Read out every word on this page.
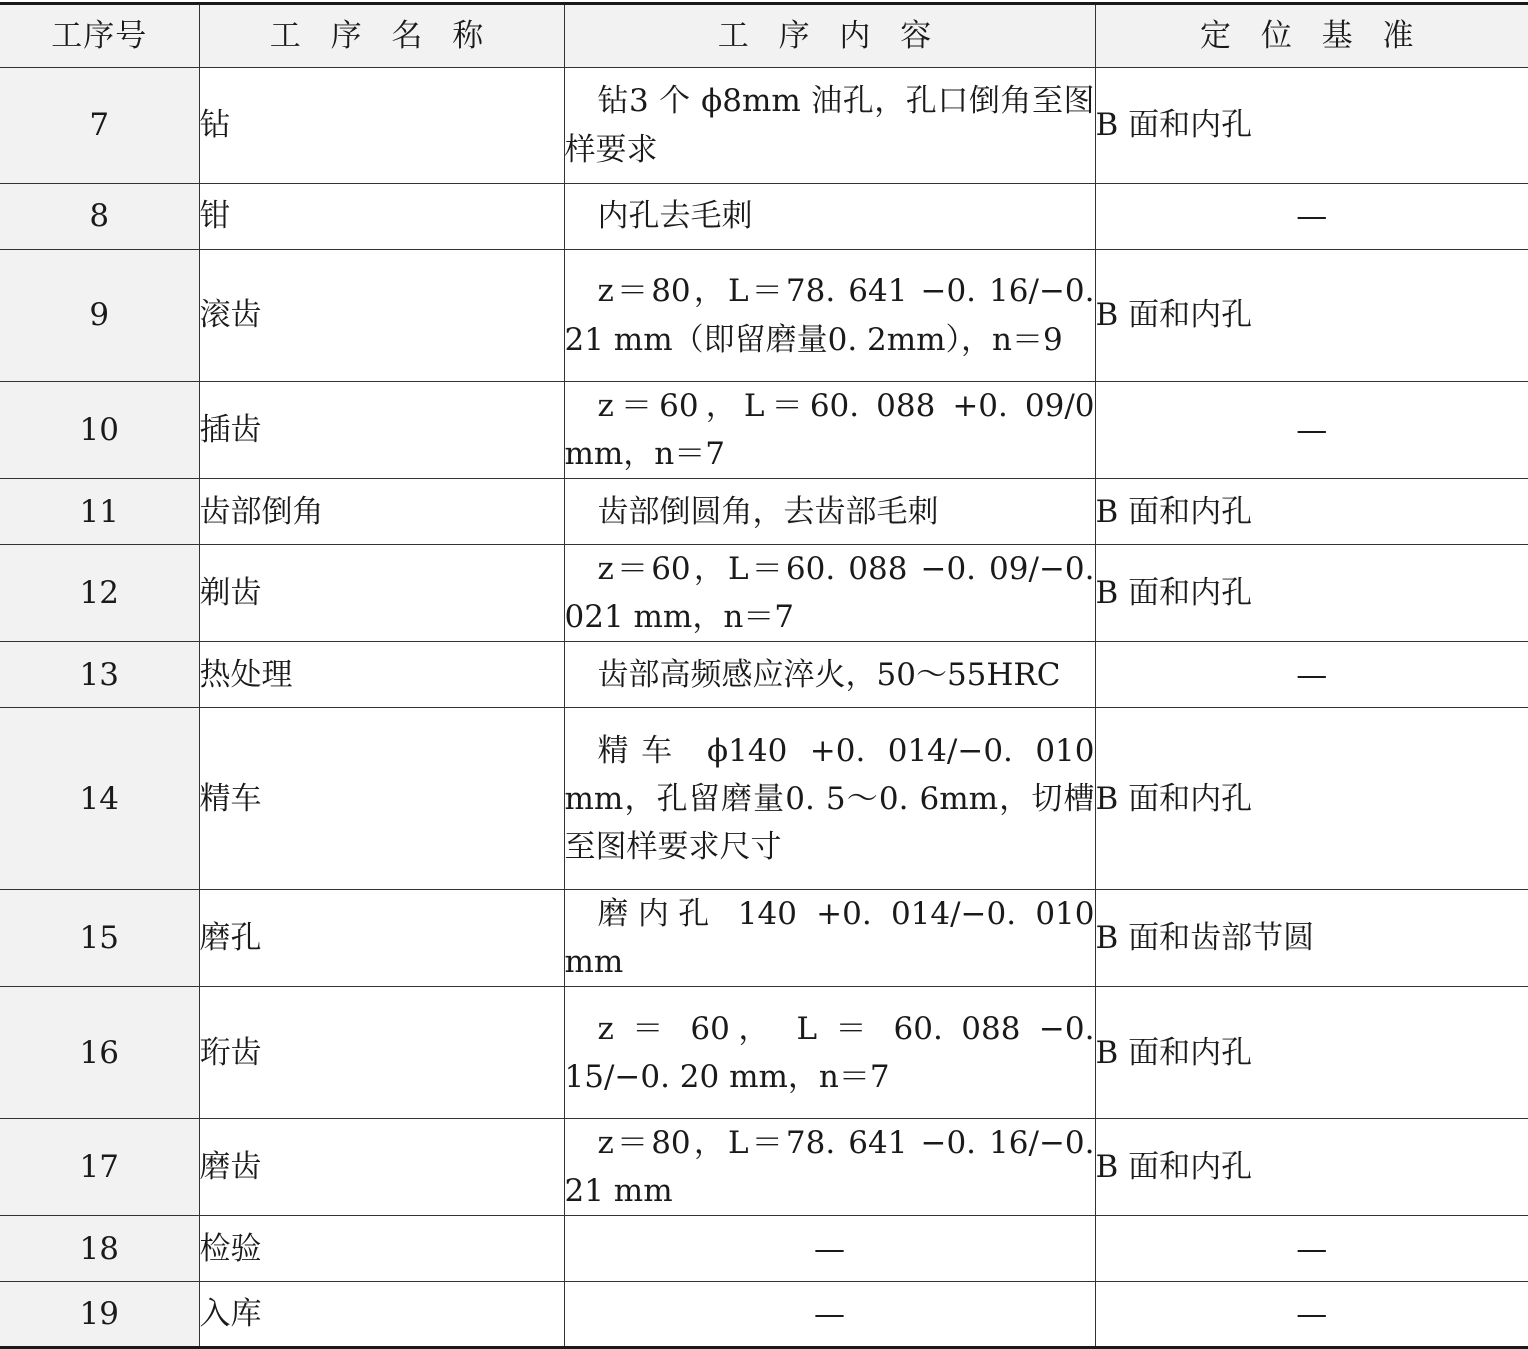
工序号	工 序 名 称	工 序 内 容	定 位 基 准
7	钻	钻3 个 ϕ8mm 油孔，孔口倒角至图样要求	B 面和内孔
8	钳	内孔去毛刺	—
9	滚齿	z＝80，L＝78. 641 −0. 16/−0. 21 mm（即留磨量0. 2mm），n＝9	B 面和内孔
10	插齿	z＝60，L＝60. 088 +0. 09/0 mm，n＝7	—
11	齿部倒角	齿部倒圆角，去齿部毛刺	B 面和内孔
12	剃齿	z＝60，L＝60. 088 −0. 09/−0. 021 mm，n＝7	B 面和内孔
13	热处理	齿部高频感应淬火，50～55HRC	—
14	精车	精车 ϕ140 +0. 014/−0. 010 mm，孔留磨量0. 5～0. 6mm，切槽至图样要求尺寸	B 面和内孔
15	磨孔	磨内孔 140 +0. 014/−0. 010 mm	B 面和齿部节圆
16	珩齿	z ＝ 60， L ＝ 60. 088 −0. 15/−0. 20 mm，n＝7	B 面和内孔
17	磨齿	z＝80，L＝78. 641 −0. 16/−0. 21 mm	B 面和内孔
18	检验	—	—
19	入库	—	—
